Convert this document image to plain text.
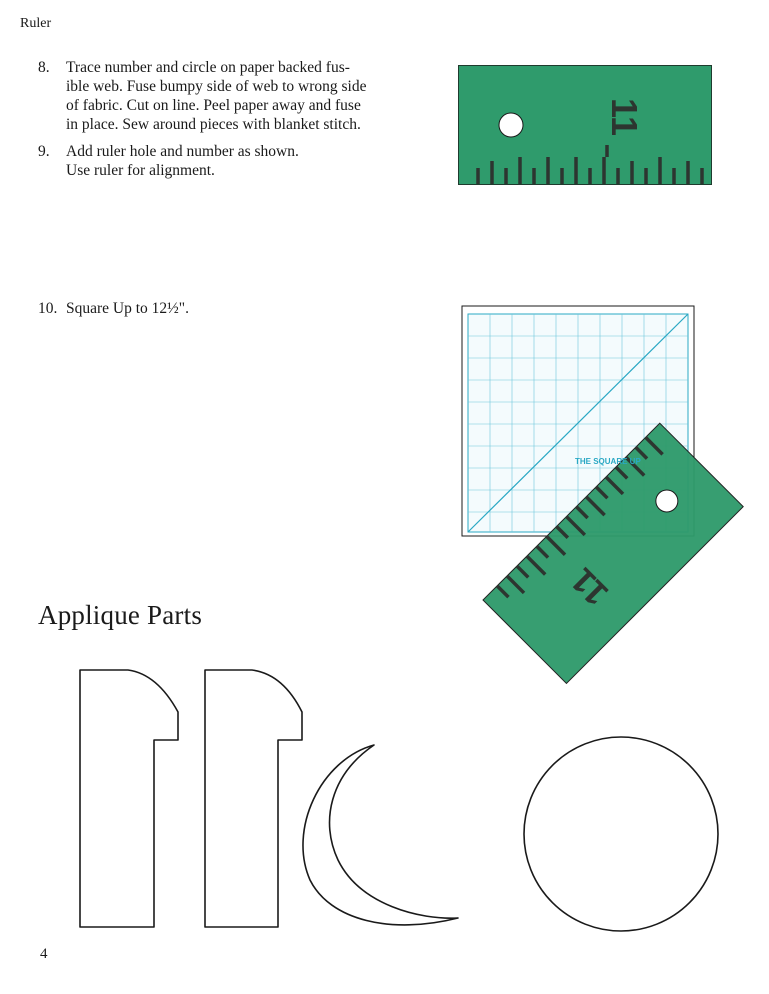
Ruler
8.	Trace number and circle on paper backed fus-
ible web. Fuse bumpy side of web to wrong side
of fabric. Cut on line. Peel paper away and fuse
in place. Sew around pieces with blanket stitch.
9.	Add ruler hole and number as shown.
Use ruler for alignment.
10. Square Up to 12½".
11
11
THE SQUARE UP
Applique Parts
4
